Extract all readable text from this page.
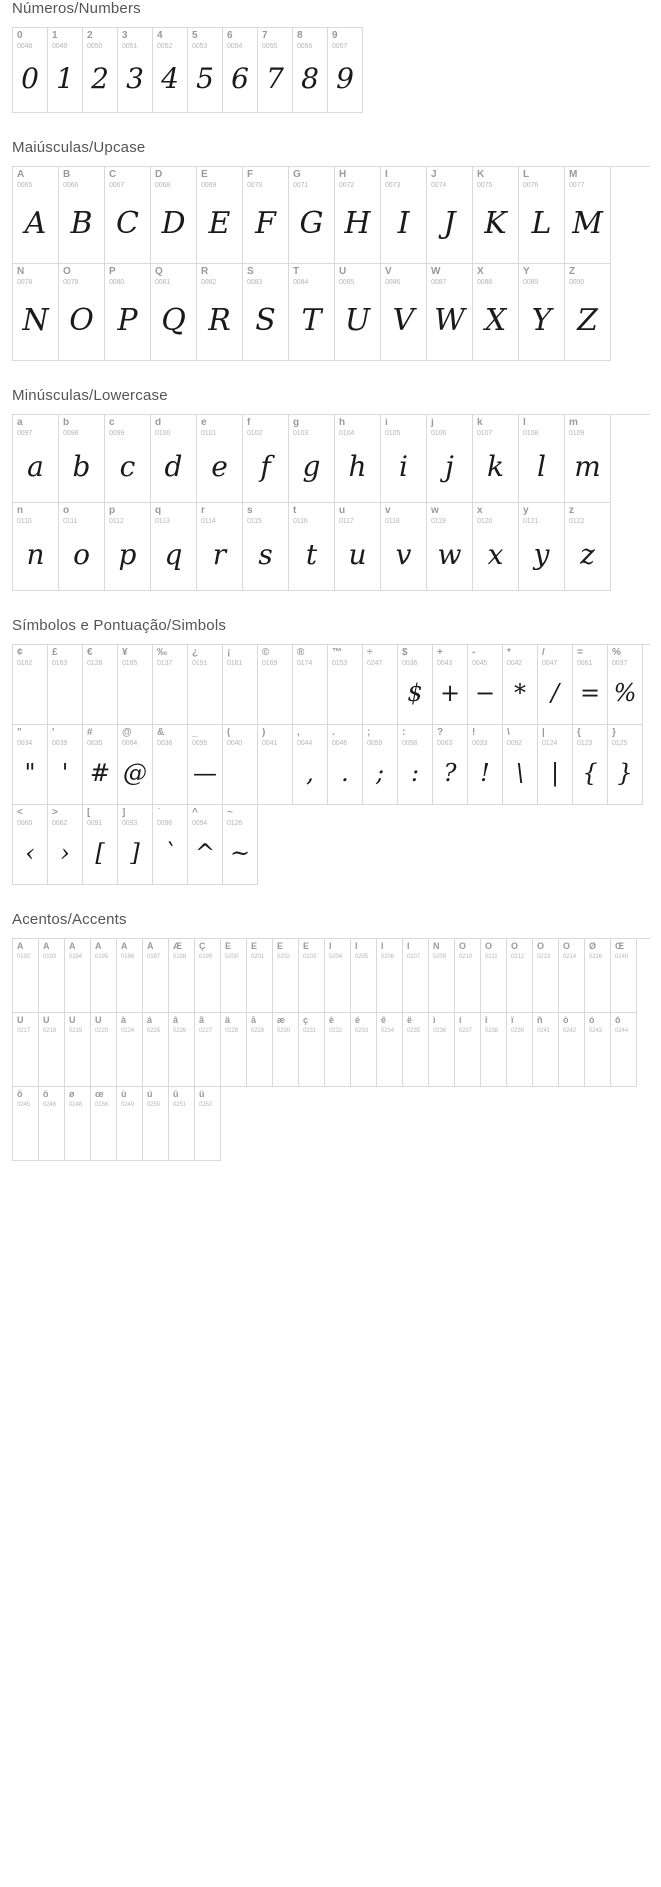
Números/Numbers
0
0048
0
1
0049
1
2
0050
2
3
0051
3
4
0052
4
5
0053
5
6
0054
6
7
0055
7
8
0056
8
9
0057
9
Maiúsculas/Upcase
A
0065
A
B
0066
B
C
0067
C
D
0068
D
E
0069
E
F
0070
F
G
0071
G
H
0072
H
I
0073
I
J
0074
J
K
0075
K
L
0076
L
M
0077
M
N
0078
N
O
0079
O
P
0080
P
Q
0081
Q
R
0082
R
S
0083
S
T
0084
T
U
0085
U
V
0086
V
W
0087
W
X
0088
X
Y
0089
Y
Z
0090
Z
Minúsculas/Lowercase
a
0097
a
b
0098
b
c
0099
c
d
0100
d
e
0101
e
f
0102
f
g
0103
g
h
0104
h
i
0105
i
j
0106
j
k
0107
k
l
0108
l
m
0109
m
n
0110
n
o
0111
o
p
0112
p
q
0113
q
r
0114
r
s
0115
s
t
0116
t
u
0117
u
v
0118
v
w
0119
w
x
0120
x
y
0121
y
z
0122
z
Símbolos e Pontuação/Simbols
¢
0162
£
0163
€
0128
¥
0165
‰
0137
¿
0191
¡
0161
©
0169
®
0174
™
0153
÷
0247
$
0036
$
+
0043
+
-
0045
−
*
0042
*
/
0047
/
=
0061
=
%
0037
%
"
0034
"
'
0039
'
#
0035
#
@
0064
@
&
0038
_
0095
—
(
0040
)
0041
,
0044
,
.
0046
.
;
0059
;
:
0058
:
?
0063
?
!
0033
!
\
0092
\
|
0124
|
{
0123
{
}
0125
}
<
0060
‹
>
0062
›
[
0091
[
]
0093
]
`
0096
`
^
0094
^
~
0126
~
Acentos/Accents
À
0192
Á
0193
Â
0194
Ã
0195
Ä
0196
Å
0197
Æ
0198
Ç
0199
È
0200
É
0201
Ê
0202
Ë
0203
Ì
0204
Í
0205
Î
0206
Ï
0207
Ñ
0209
Ò
0210
Ó
0211
Ô
0212
Õ
0213
Ö
0214
Ø
0216
Œ
0140
Ù
0217
Ú
0218
Û
0219
Ü
0220
à
0224
á
0225
â
0226
ã
0227
ä
0228
å
0229
æ
0230
ç
0231
è
0232
é
0233
ê
0234
ë
0235
ì
0236
í
0237
î
0238
ï
0239
ñ
0241
ò
0242
ó
0243
ô
0244
õ
0245
ö
0246
ø
0248
œ
0156
ù
0249
ú
0250
û
0251
ü
0252
